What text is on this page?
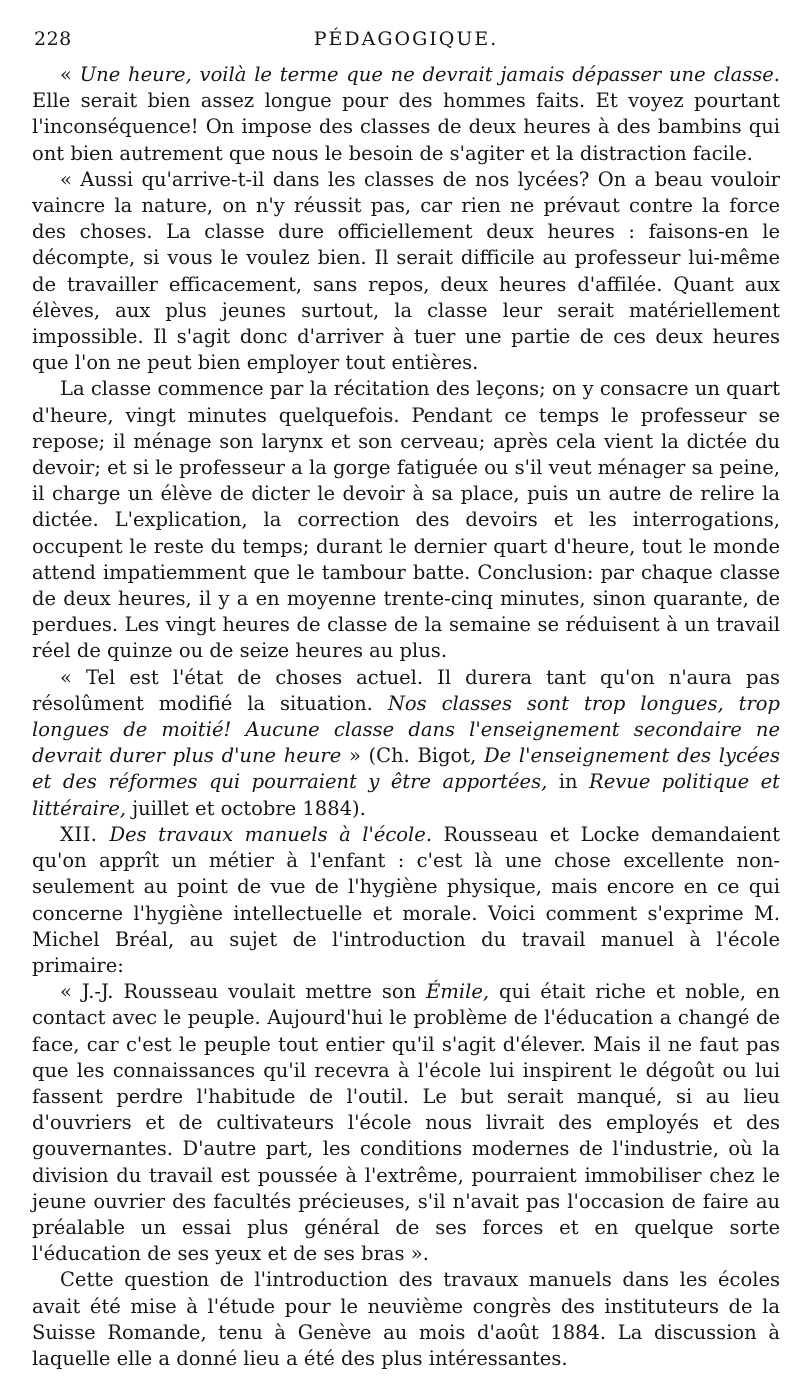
228	PÉDAGOGIQUE.

« Une heure, voilà le terme que ne devrait jamais dépasser une classe. Elle serait bien assez longue pour des hommes faits. Et voyez pourtant l'inconséquence! On impose des classes de deux heures à des bambins qui ont bien autrement que nous le besoin de s'agiter et la distraction facile.

« Aussi qu'arrive-t-il dans les classes de nos lycées? On a beau vouloir vaincre la nature, on n'y réussit pas, car rien ne prévaut contre la force des choses. La classe dure officiellement deux heures : faisons-en le décompte, si vous le voulez bien. Il serait difficile au professeur lui-même de travailler efficacement, sans repos, deux heures d'affilée. Quant aux élèves, aux plus jeunes surtout, la classe leur serait matériellement impossible. Il s'agit donc d'arriver à tuer une partie de ces deux heures que l'on ne peut bien employer tout entières.

La classe commence par la récitation des leçons; on y consacre un quart d'heure, vingt minutes quelquefois. Pendant ce temps le professeur se repose; il ménage son larynx et son cerveau; après cela vient la dictée du devoir; et si le professeur a la gorge fatiguée ou s'il veut ménager sa peine, il charge un élève de dicter le devoir à sa place, puis un autre de relire la dictée. L'explication, la correction des devoirs et les interrogations, occupent le reste du temps; durant le dernier quart d'heure, tout le monde attend impatiemment que le tambour batte. Conclusion: par chaque classe de deux heures, il y a en moyenne trente-cinq minutes, sinon quarante, de perdues. Les vingt heures de classe de la semaine se réduisent à un travail réel de quinze ou de seize heures au plus.

« Tel est l'état de choses actuel. Il durera tant qu'on n'aura pas résolûment modifié la situation. Nos classes sont trop longues, trop longues de moitié! Aucune classe dans l'enseignement secondaire ne devrait durer plus d'une heure » (Ch. Bigot, De l'enseignement des lycées et des réformes qui pourraient y être apportées, in Revue politique et littéraire, juillet et octobre 1884).

XII. Des travaux manuels à l'école. Rousseau et Locke demandaient qu'on apprît un métier à l'enfant : c'est là une chose excellente non-seulement au point de vue de l'hygiène physique, mais encore en ce qui concerne l'hygiène intellectuelle et morale. Voici comment s'exprime M. Michel Bréal, au sujet de l'introduction du travail manuel à l'école primaire:

« J.-J. Rousseau voulait mettre son Émile, qui était riche et noble, en contact avec le peuple. Aujourd'hui le problème de l'éducation a changé de face, car c'est le peuple tout entier qu'il s'agit d'élever. Mais il ne faut pas que les connaissances qu'il recevra à l'école lui inspirent le dégoût ou lui fassent perdre l'habitude de l'outil. Le but serait manqué, si au lieu d'ouvriers et de cultivateurs l'école nous livrait des employés et des gouvernantes. D'autre part, les conditions modernes de l'industrie, où la division du travail est poussée à l'extrême, pourraient immobiliser chez le jeune ouvrier des facultés précieuses, s'il n'avait pas l'occasion de faire au préalable un essai plus général de ses forces et en quelque sorte l'éducation de ses yeux et de ses bras ».

Cette question de l'introduction des travaux manuels dans les écoles avait été mise à l'étude pour le neuvième congrès des instituteurs de la Suisse Romande, tenu à Genève au mois d'août 1884. La discussion à laquelle elle a donné lieu a été des plus intéressantes.
